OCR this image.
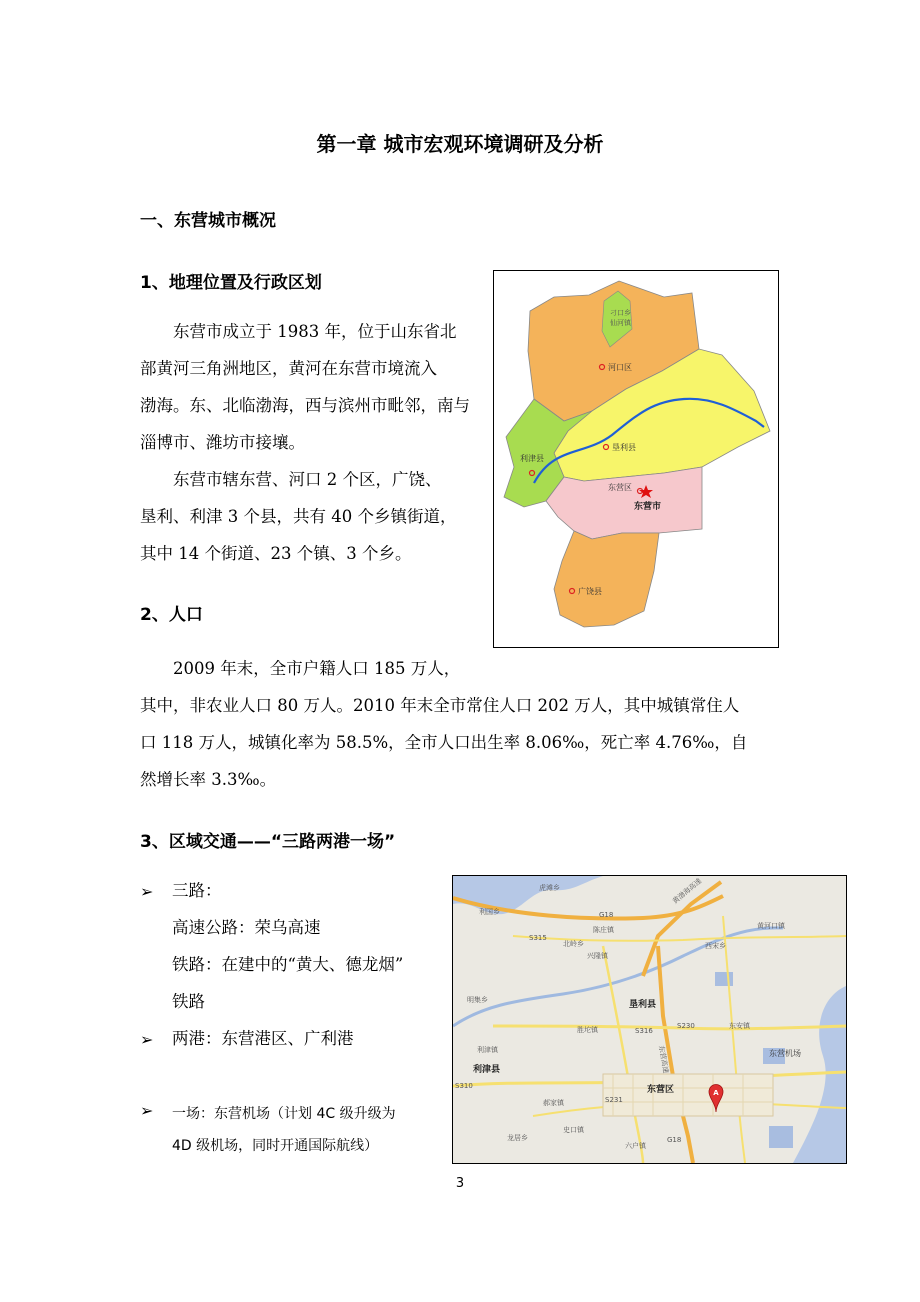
第一章 城市宏观环境调研及分析
一、东营城市概况
1、地理位置及行政区划
东营市成立于 1983 年，位于山东省北
部黄河三角洲地区，黄河在东营市境流入
渤海。东、北临渤海，西与滨州市毗邻，南与
淄博市、潍坊市接壤。
东营市辖东营、河口 2 个区，广饶、
垦利、利津 3 个县，共有 40 个乡镇街道，
其中 14 个街道、23 个镇、3 个乡。
河口区
垦利县
利津县
东营区
东营市
广饶县
刁口乡
仙河镇
2、人口
2009 年末，全市户籍人口 185 万人，
其中，非农业人口 80 万人。2010 年末全市常住人口 202 万人，其中城镇常住人
口 118 万人，城镇化率为 58.5%，全市人口出生率 8.06‰，死亡率 4.76‰，自
然增长率 3.3‰。
3、区域交通——“三路两港一场”
➢ 三路：
高速公路：荣乌高速
铁路：在建中的“黄大、德龙烟”
铁路
➢ 两港：东营港区、广利港
➢ 一场：东营机场（计划 4C 级升级为
4D 级机场，同时开通国际航线）
A
虎滩乡
利国乡	G18
黄渤海高速
S315
陈庄镇
北岭乡
兴隆镇
黄河口镇
西宋乡
明集乡	垦利县
S316
S230
胜坨镇	东安镇
利津镇
利津县
东营机场
S310	东营区
S231
郝家镇
龙居乡
史口镇
六户镇
G18
东营高速
3
